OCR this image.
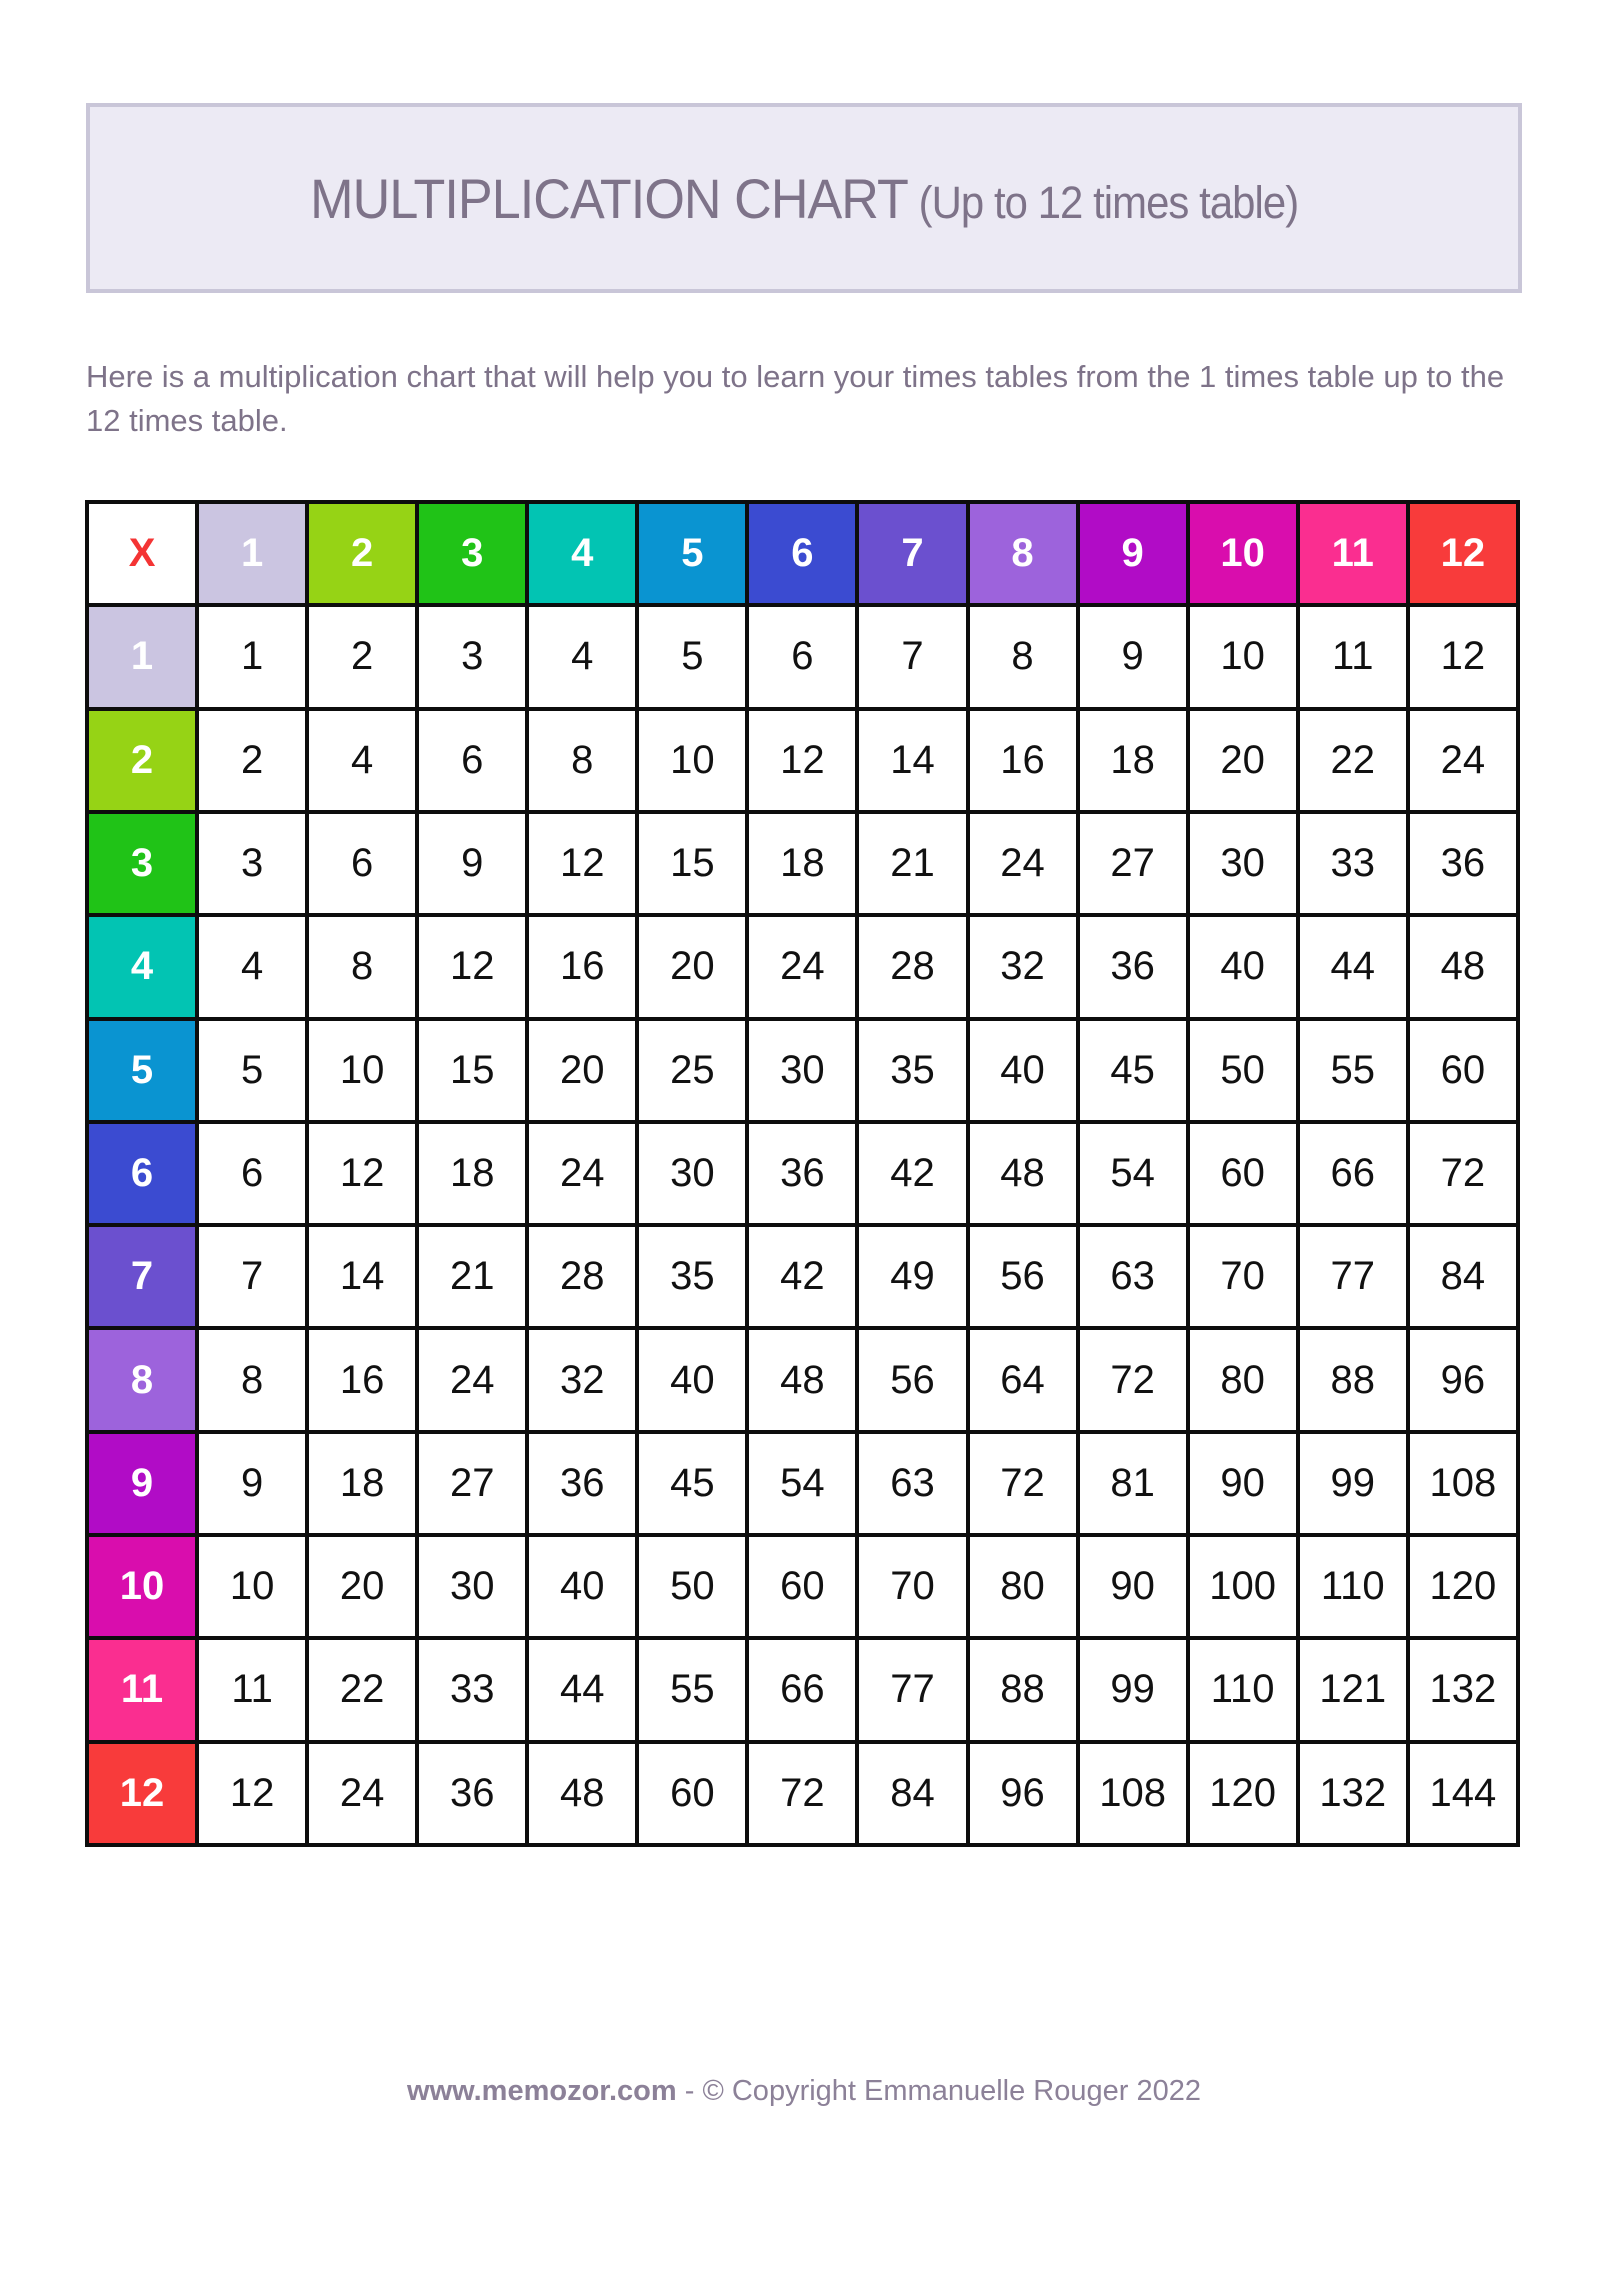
MULTIPLICATION CHART (Up to 12 times table)

Here is a multiplication chart that will help you to learn your times tables from the 1 times table up to the 12 times table.

X	1	2	3	4	5	6	7	8	9	10	11	12
1	1	2	3	4	5	6	7	8	9	10	11	12
2	2	4	6	8	10	12	14	16	18	20	22	24
3	3	6	9	12	15	18	21	24	27	30	33	36
4	4	8	12	16	20	24	28	32	36	40	44	48
5	5	10	15	20	25	30	35	40	45	50	55	60
6	6	12	18	24	30	36	42	48	54	60	66	72
7	7	14	21	28	35	42	49	56	63	70	77	84
8	8	16	24	32	40	48	56	64	72	80	88	96
9	9	18	27	36	45	54	63	72	81	90	99	108
10	10	20	30	40	50	60	70	80	90	100	110	120
11	11	22	33	44	55	66	77	88	99	110	121	132
12	12	24	36	48	60	72	84	96	108	120	132	144
www.memozor.com - © Copyright Emmanuelle Rouger 2022
